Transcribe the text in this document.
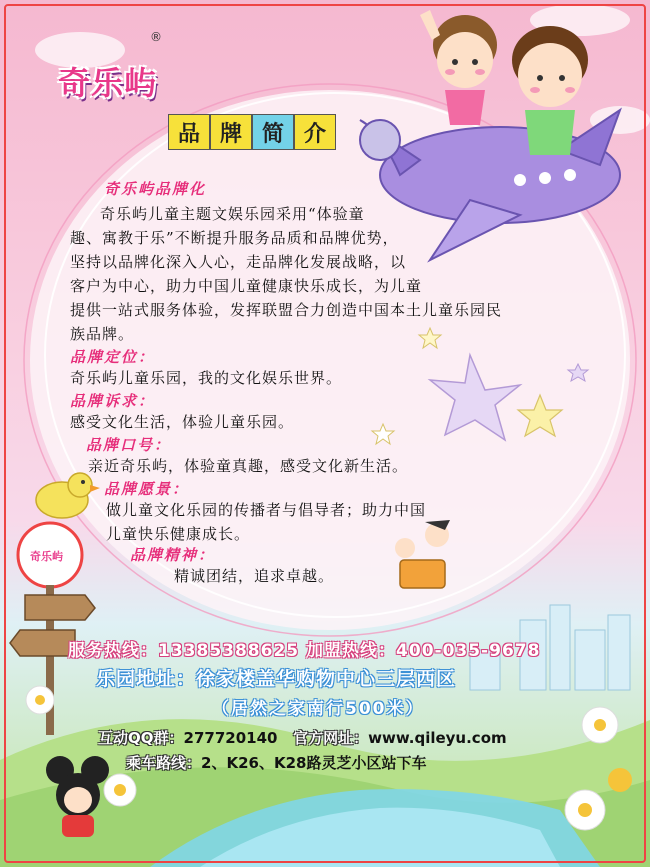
奇乐屿
®
奇乐屿
品 牌 简 介
奇乐屿品牌化
奇乐屿儿童主题文娱乐园采用“体验童
趣、寓教于乐”不断提升服务品质和品牌优势，
坚持以品牌化深入人心，走品牌化发展战略，以
客户为中心，助力中国儿童健康快乐成长，为儿童
提供一站式服务体验，发挥联盟合力创造中国本土儿童乐园民
族品牌。
品牌定位：
奇乐屿儿童乐园，我的文化娱乐世界。
品牌诉求：
感受文化生活，体验儿童乐园。
品牌口号：
亲近奇乐屿，体验童真趣，感受文化新生活。
品牌愿景：
做儿童文化乐园的传播者与倡导者；助力中国
儿童快乐健康成长。
品牌精神：
精诚团结，追求卓越。
服务热线：13385388625 加盟热线：400-035-9678
乐园地址：徐家楼盖华购物中心三层西区
（居然之家南行500米）
互动QQ群：277720140 官方网址：www.qileyu.com
乘车路线：2、K26、K28路灵芝小区站下车
